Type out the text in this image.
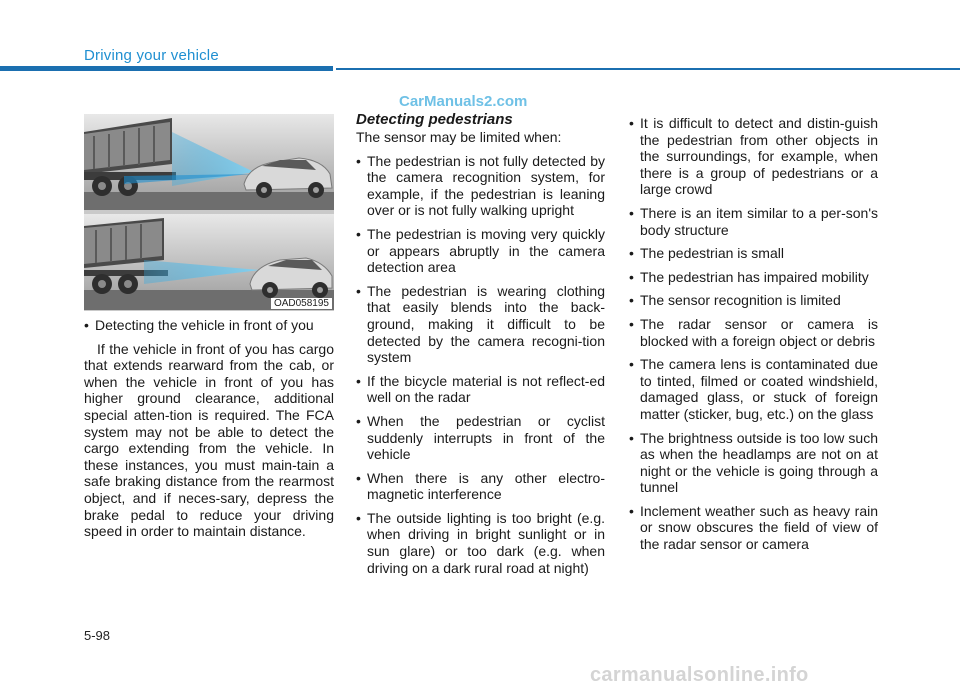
Driving your vehicle
CarManuals2.com
OAD058195
• Detecting the vehicle in front of you
If the vehicle in front of you has cargo that extends rearward from the cab, or when the vehicle in front of you has higher ground clearance, additional special atten-tion is required. The FCA system may not be able to detect the cargo extending from the vehicle. In these instances, you must main-tain a safe braking distance from the rearmost object, and if neces-sary, depress the brake pedal to reduce your driving speed in order to maintain distance.
Detecting pedestrians
The sensor may be limited when:
• The pedestrian is not fully detected by the camera recognition system, for example, if the pedestrian is leaning over or is not fully walking upright
• The pedestrian is moving very quickly or appears abruptly in the camera detection area
• The pedestrian is wearing clothing that easily blends into the back-ground, making it difficult to be detected by the camera recogni-tion system
• If the bicycle material is not reflect-ed well on the radar
• When the pedestrian or cyclist suddenly interrupts in front of the vehicle
• When there is any other electro-magnetic interference
• The outside lighting is too bright (e.g. when driving in bright sunlight or in sun glare) or too dark (e.g. when driving on a dark rural road at night)
• It is difficult to detect and distin-guish the pedestrian from other objects in the surroundings, for example, when there is a group of pedestrians or a large crowd
• There is an item similar to a per-son's body structure
• The pedestrian is small
• The pedestrian has impaired mobility
• The sensor recognition is limited
• The radar sensor or camera is blocked with a foreign object or debris
• The camera lens is contaminated due to tinted, filmed or coated windshield, damaged glass, or stuck of foreign matter (sticker, bug, etc.) on the glass
• The brightness outside is too low such as when the headlamps are not on at night or the vehicle is going through a tunnel
• Inclement weather such as heavy rain or snow obscures the field of view of the radar sensor or camera
5-98
carmanualsonline.info
